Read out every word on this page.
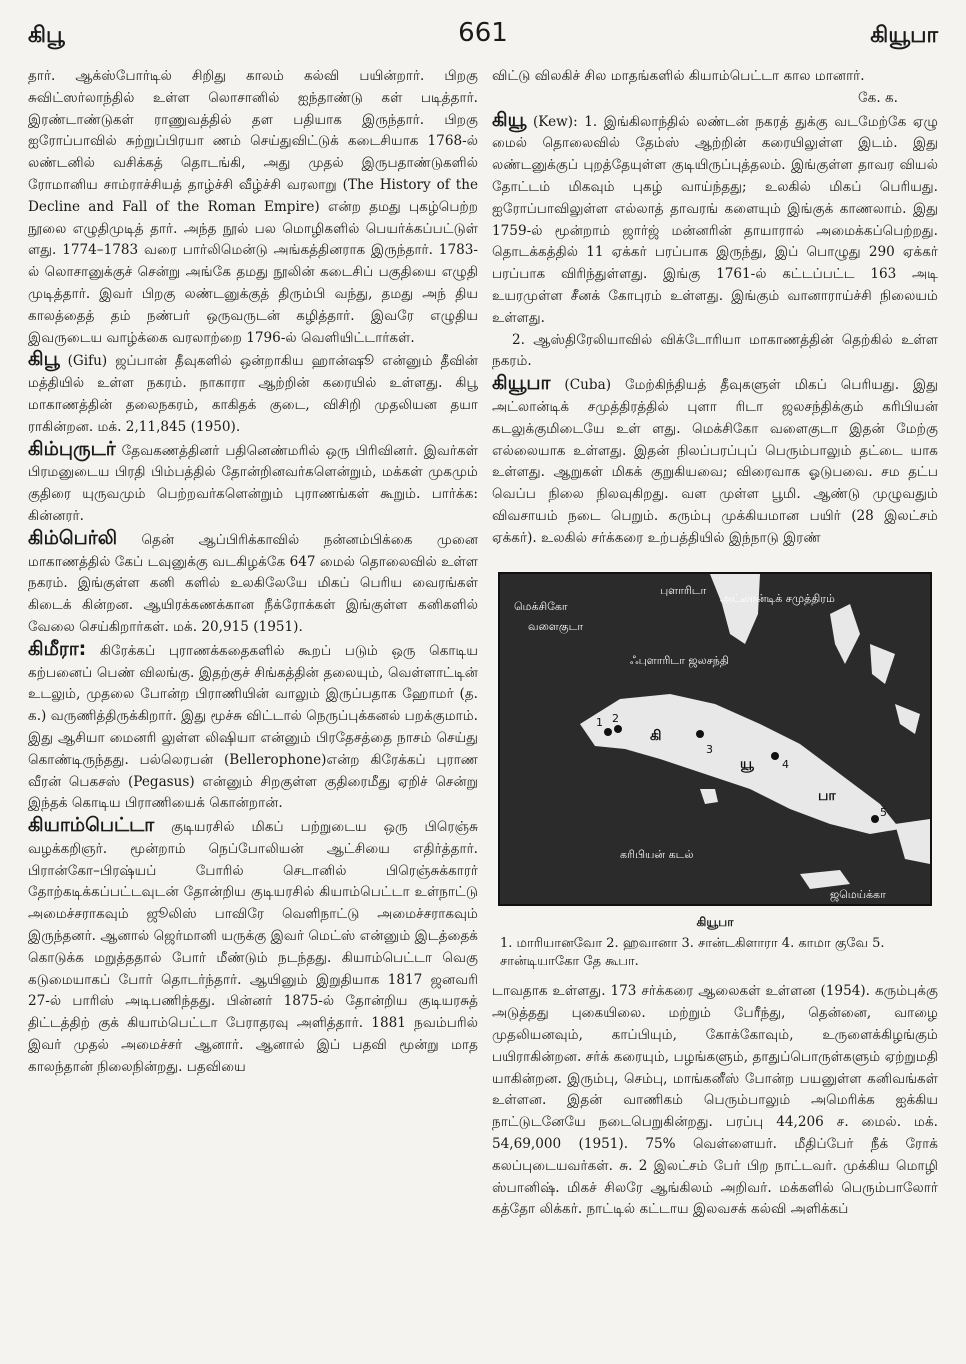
கிபூ	661	கியூபா

தார். ஆக்ஸ்போர்டில் சிறிது காலம் கல்வி பயின்றார். பிறகு சுவிட்ஸர்லாந்தில் உள்ள லொசானில் ஐந்தாண்டு கள் படித்தார். இரண்டாண்டுகள் ராணுவத்தில் தள பதியாக இருந்தார். பிறகு ஐரோப்பாவில் சுற்றுப்பிரயா ணம் செய்துவிட்டுக் கடைசியாக 1768-ல் லண்டனில் வசிக்கத் தொடங்கி, அது முதல் இருபதாண்டுகளில் ரோமானிய சாம்ராச்சியத் தாழ்ச்சி வீழ்ச்சி வரலாறு (The History of the Decline and Fall of the Roman Empire) என்ற தமது புகழ்பெற்ற நூலை எழுதிமுடித் தார். அந்த நூல் பல மொழிகளில் பெயர்க்கப்பட்டுள் ளது. 1774–1783 வரை பார்லிமென்டு அங்கத்தினராக இருந்தார். 1783-ல் லொசானுக்குச் சென்று அங்கே தமது நூலின் கடைசிப் பகுதியை எழுதி முடித்தார். இவர் பிறகு லண்டனுக்குத் திரும்பி வந்து, தமது அந் திய காலத்தைத் தம் நண்பர் ஒருவருடன் கழித்தார். இவரே எழுதிய இவருடைய வாழ்க்கை வரலாற்றை 1796-ல் வெளியிட்டார்கள்.

கிபூ (Gifu) ஜப்பான் தீவுகளில் ஒன்றாகிய ஹான்ஷூ என்னும் தீவின் மத்தியில் உள்ள நகரம். நாகாரா ஆற்றின் கரையில் உள்ளது. கிபூ மாகாணத்தின் தலைநகரம், காகிதக் குடை, விசிறி முதலியன தயா ராகின்றன. மக். 2,11,845 (1950).

கிம்புருடர் தேவகணத்தினர் பதினெண்மரில் ஒரு பிரிவினர். இவர்கள் பிரமனுடைய பிரதி பிம்பத்தில் தோன்றினவர்களென்றும், மக்கள் முகமும் குதிரை யுருவமும் பெற்றவர்களென்றும் புராணங்கள் கூறும். பார்க்க: கின்னரர்.

கிம்பெர்லி தென் ஆப்பிரிக்காவில் நன்னம்பிக்கை முனை மாகாணத்தில் கேப் டவுனுக்கு வடகிழக்கே 647 மைல் தொலைவில் உள்ள நகரம். இங்குள்ள கனி களில் உலகிலேயே மிகப் பெரிய வைரங்கள் கிடைக் கின்றன. ஆயிரக்கணக்கான நீக்ரோக்கள் இங்குள்ள கனிகளில் வேலை செய்கிறார்கள். மக். 20,915 (1951).

கிமீரா: கிரேக்கப் புராணக்கதைகளில் கூறப் படும் ஒரு கொடிய கற்பனைப் பெண் விலங்கு. இதற்குச் சிங்கத்தின் தலையும், வெள்ளாட்டின் உடலும், முதலை போன்ற பிராணியின் வாலும் இருப்பதாக ஹோமர் (த. க.) வருணித்திருக்கிறார். இது மூச்சு விட்டால் நெருப்புக்கனல் பறக்குமாம். இது ஆசியா மைனரி லுள்ள லிஷியா என்னும் பிரதேசத்தை நாசம் செய்து கொண்டிருந்தது. பல்லெரபன் (Bellerophone)என்ற கிரேக்கப் புராண வீரன் பெகசஸ் (Pegasus) என்னும் சிறகுள்ள குதிரைமீது ஏறிச் சென்று இந்தக் கொடிய பிராணியைக் கொன்றான்.

கியாம்பெட்டா குடியரசில் மிகப் பற்றுடைய ஒரு பிரெஞ்சு வழக்கறிஞர். மூன்றாம் நெப்போலியன் ஆட்சியை எதிர்த்தார். பிரான்கோ–பிரஷ்யப் போரில் செடானில் பிரெஞ்சுக்காரர் தோற்கடிக்கப்பட்டவுடன் தோன்றிய குடியரசில் கியாம்பெட்டா உள்நாட்டு அமைச்சராகவும் ஜூலிஸ் பாவிரே வெளிநாட்டு அமைச்சராகவும் இருந்தனர். ஆனால் ஜெர்மானி யருக்கு இவர் மெட்ஸ் என்னும் இடத்தைக் கொடுக்க மறுத்ததால் போர் மீண்டும் நடந்தது. கியாம்பெட்டா வெகு கடுமையாகப் போர் தொடர்ந்தார். ஆயினும் இறுதியாக 1817 ஜனவரி 27-ல் பாரிஸ் அடிபணிந்தது. பின்னர் 1875-ல் தோன்றிய குடியரசுத் திட்டத்திற் குக் கியாம்பெட்டா பேராதரவு அளித்தார். 1881 நவம்பரில் இவர் முதல் அமைச்சர் ஆனார். ஆனால் இப் பதவி மூன்று மாத காலந்தான் நிலைநின்றது. பதவியை

விட்டு விலகிச் சில மாதங்களில் கியாம்பெட்டா கால மானார்.

கே. க.

கியூ (Kew): 1. இங்கிலாந்தில் லண்டன் நகரத் துக்கு வடமேற்கே ஏழு மைல் தொலைவில் தேம்ஸ் ஆற்றின் கரையிலுள்ள இடம். இது லண்டனுக்குப் புறத்தேயுள்ள குடியிருப்புத்தலம். இங்குள்ள தாவர வியல் தோட்டம் மிகவும் புகழ் வாய்ந்தது; உலகில் மிகப் பெரியது. ஐரோப்பாவிலுள்ள எல்லாத் தாவரங் களையும் இங்குக் காணலாம். இது 1759-ல் மூன்றாம் ஜார்ஜ் மன்னரின் தாயாரால் அமைக்கப்பெற்றது. தொடக்கத்தில் 11 ஏக்கர் பரப்பாக இருந்து, இப் பொழுது 290 ஏக்கர் பரப்பாக விரிந்துள்ளது. இங்கு 1761-ல் கட்டப்பட்ட 163 அடி உயரமுள்ள சீனக் கோபுரம் உள்ளது. இங்கும் வானாராய்ச்சி நிலையம் உள்ளது.

2. ஆஸ்திரேலியாவில் விக்டோரியா மாகாணத்தின் தெற்கில் உள்ள நகரம்.

கியூபா (Cuba) மேற்கிந்தியத் தீவுகளுள் மிகப் பெரியது. இது அட்லான்டிக் சமுத்திரத்தில் புளா ரிடா ஜலசந்திக்கும் கரிபியன் கடலுக்குமிடையே உள் ளது. மெக்சிகோ வளைகுடா இதன் மேற்கு எல்லையாக உள்ளது. இதன் நிலப்பரப்புப் பெரும்பாலும் தட்டை யாக உள்ளது. ஆறுகள் மிகக் குறுகியவை; விரைவாக ஓடுபவை. சம தட்ப வெப்ப நிலை நிலவுகிறது. வள முள்ள பூமி. ஆண்டு முழுவதும் விவசாயம் நடை பெறும். கரும்பு முக்கியமான பயிர் (28 இலட்சம் ஏக்கர்). உலகில் சர்க்கரை உற்பத்தியில் இந்நாடு இரண்

மெக்சிகோ
வளைகுடா
புளாரிடா
அட்லான்டிக் சமுத்திரம்
ஃபுளாரிடா ஜலசந்தி
கரிபியன் கடல்
கி
யூ
பா
ஜமெய்க்கா
1 2
3
4
5
கியூபா
1. மாரியானவோ 2. ஹவானா 3. சான்டகிளாரா 4. காமா குவே 5. சான்டியாகோ தே கூபா.

டாவதாக உள்ளது. 173 சர்க்கரை ஆலைகள் உள்ளன (1954). கரும்புக்கு அடுத்தது புகையிலை. மற்றும் பேரீந்து, தென்னை, வாழை முதலியனவும், காப்பியும், கோக்கோவும், உருளைக்கிழங்கும் பயிராகின்றன. சர்க் கரையும், பழங்களும், தாதுப்பொருள்களும் ஏற்றுமதி யாகின்றன. இரும்பு, செம்பு, மாங்கனீஸ் போன்ற பயனுள்ள கனிவங்கள் உள்ளன. இதன் வாணிகம் பெரும்பாலும் அமெரிக்க ஐக்கிய நாட்டுடனேயே நடைபெறுகின்றது. பரப்பு 44,206 ச. மைல். மக். 54,69,000 (1951). 75% வெள்ளையர். மீதிப்பேர் நீக் ரோக் கலப்புடையவர்கள். சு. 2 இலட்சம் பேர் பிற நாட்டவர். முக்கிய மொழி ஸ்பானிஷ். மிகச் சிலரே ஆங்கிலம் அறிவர். மக்களில் பெரும்பாலோர் கத்தோ லிக்கர். நாட்டில் கட்டாய இலவசக் கல்வி அளிக்கப்
